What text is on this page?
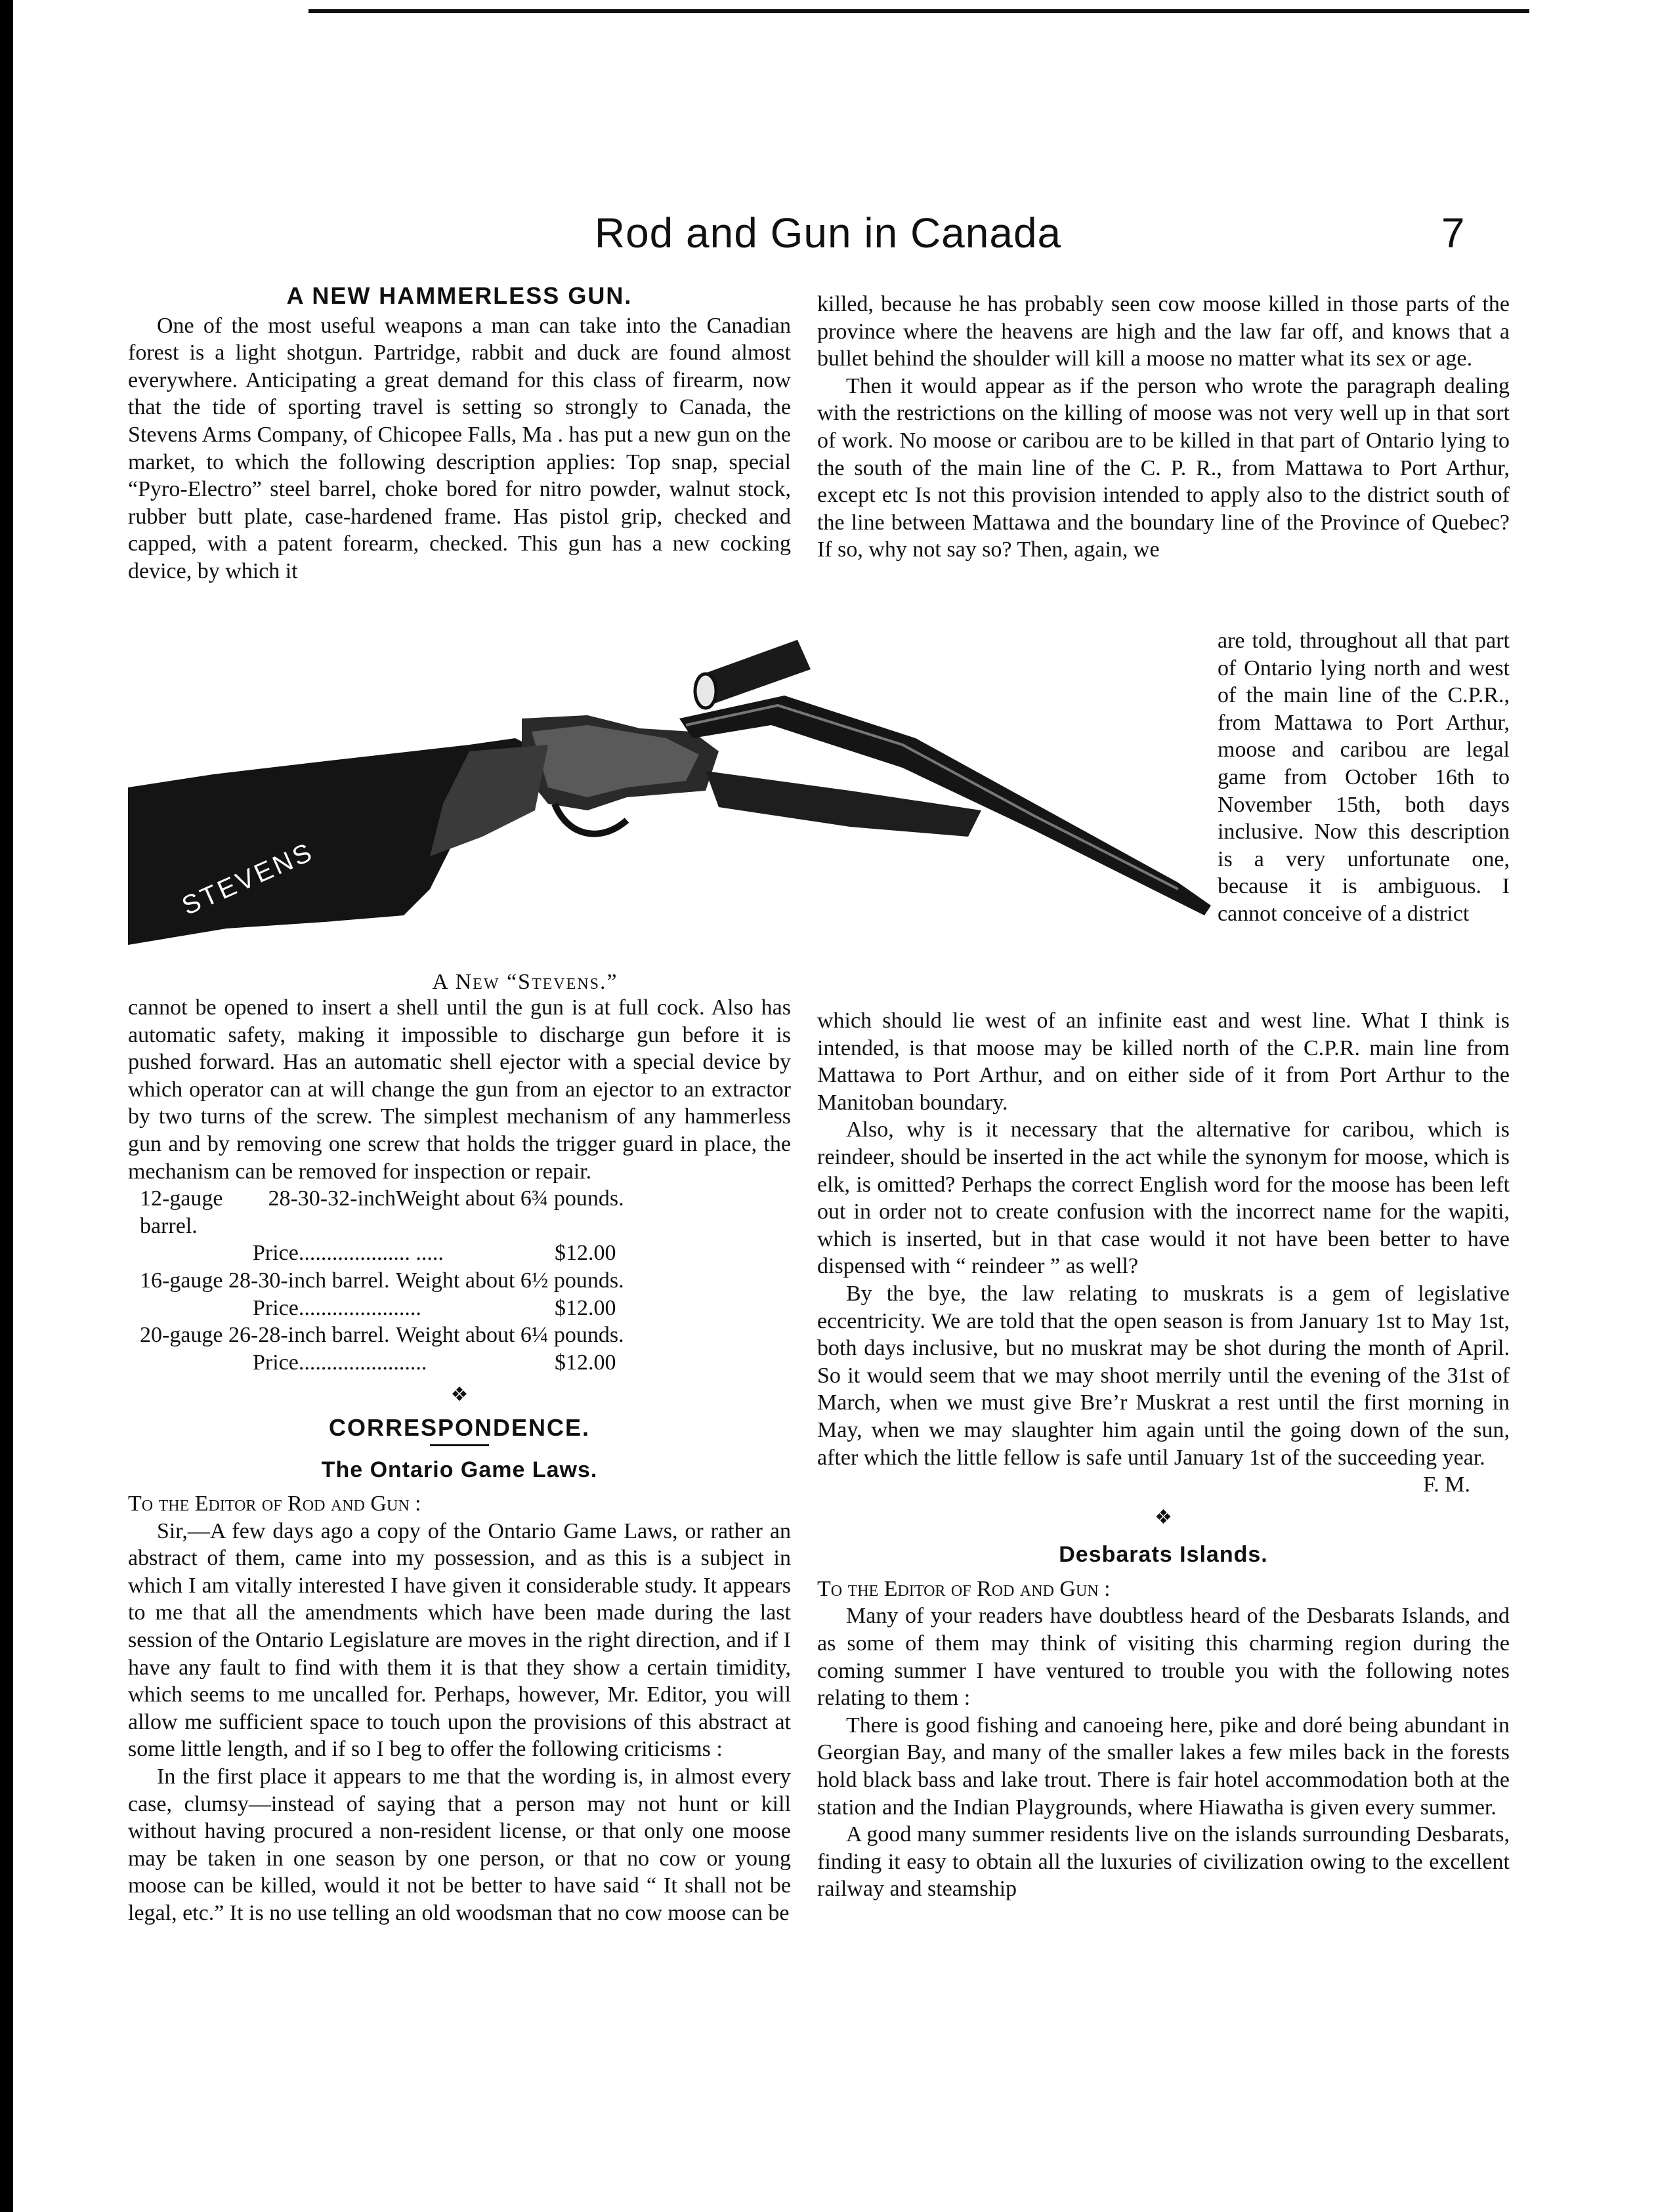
Rod and Gun in Canada	7
A NEW HAMMERLESS GUN.

One of the most useful weapons a man can take into the Canadian forest is a light shotgun. Partridge, rabbit and duck are found almost everywhere. Anticipating a great demand for this class of firearm, now that the tide of sporting travel is setting so strongly to Canada, the Stevens Arms Company, of Chicopee Falls, Ma . has put a new gun on the market, to which the following description applies: Top snap, special “Pyro-Electro” steel barrel, choke bored for nitro powder, walnut stock, rubber butt plate, case-hardened frame. Has pistol grip, checked and capped, with a patent forearm, checked. This gun has a new cocking device, by which it

STEVENS
A New “Stevens.”

cannot be opened to insert a shell until the gun is at full cock. Also has automatic safety, making it impossible to discharge gun before it is pushed forward. Has an automatic shell ejector with a special device by which operator can at will change the gun from an ejector to an extractor by two turns of the screw. The simplest mechanism of any hammerless gun and by removing one screw that holds the trigger guard in place, the mechanism can be removed for inspection or repair.

12-gauge 28-30-32-inch barrel.
Weight about 6¾ pounds.
Price.................... .....	$12.00
16-gauge 28-30-inch barrel. Weight about 6½ pounds.
Price......................	$12.00
20-gauge 26-28-inch barrel. Weight about 6¼ pounds.
Price.......................	$12.00
❖
CORRESPONDENCE.
The Ontario Game Laws.

To the Editor of Rod and Gun :

Sir,—A few days ago a copy of the Ontario Game Laws, or rather an abstract of them, came into my possession, and as this is a subject in which I am vitally interested I have given it considerable study. It appears to me that all the amendments which have been made during the last session of the Ontario Legislature are moves in the right direction, and if I have any fault to find with them it is that they show a certain timidity, which seems to me uncalled for. Perhaps, however, Mr. Editor, you will allow me sufficient space to touch upon the provisions of this abstract at some little length, and if so I beg to offer the following criticisms :

In the first place it appears to me that the wording is, in almost every case, clumsy—instead of saying that a person may not hunt or kill without having procured a non-resident license, or that only one moose may be taken in one season by one person, or that no cow or young moose can be killed, would it not be better to have said “ It shall not be legal, etc.” It is no use telling an old woodsman that no cow moose can be

killed, because he has probably seen cow moose killed in those parts of the province where the heavens are high and the law far off, and knows that a bullet behind the shoulder will kill a moose no matter what its sex or age.

Then it would appear as if the person who wrote the paragraph dealing with the restrictions on the killing of moose was not very well up in that sort of work. No moose or caribou are to be killed in that part of Ontario lying to the south of the main line of the C. P. R., from Mattawa to Port Arthur, except etc Is not this provision intended to apply also to the district south of the line between Mattawa and the boundary line of the Province of Quebec? If so, why not say so? Then, again, we

are told, throughout all that part of Ontario lying north and west of the main line of the C.P.R., from Mattawa to Port Arthur, moose and caribou are legal game from October 16th to November 15th, both days inclusive. Now this description is a very unfortunate one, because it is ambiguous. I cannot conceive of a district

which should lie west of an infinite east and west line. What I think is intended, is that moose may be killed north of the C.P.R. main line from Mattawa to Port Arthur, and on either side of it from Port Arthur to the Manitoban boundary.

Also, why is it necessary that the alternative for caribou, which is reindeer, should be inserted in the act while the synonym for moose, which is elk, is omitted? Perhaps the correct English word for the moose has been left out in order not to create confusion with the incorrect name for the wapiti, which is inserted, but in that case would it not have been better to have dispensed with “ reindeer ” as well?

By the bye, the law relating to muskrats is a gem of legislative eccentricity. We are told that the open season is from January 1st to May 1st, both days inclusive, but no muskrat may be shot during the month of April. So it would seem that we may shoot merrily until the evening of the 31st of March, when we must give Bre’r Muskrat a rest until the first morning in May, when we may slaughter him again until the going down of the sun, after which the little fellow is safe until January 1st of the succeeding year.

F. M.
❖
Desbarats Islands.

To the Editor of Rod and Gun :

Many of your readers have doubtless heard of the Desbarats Islands, and as some of them may think of visiting this charming region during the coming summer I have ventured to trouble you with the following notes relating to them :

There is good fishing and canoeing here, pike and doré being abundant in Georgian Bay, and many of the smaller lakes a few miles back in the forests hold black bass and lake trout. There is fair hotel accommodation both at the station and the Indian Playgrounds, where Hiawatha is given every summer.

A good many summer residents live on the islands surrounding Desbarats, finding it easy to obtain all the luxuries of civilization owing to the excellent railway and steamship
